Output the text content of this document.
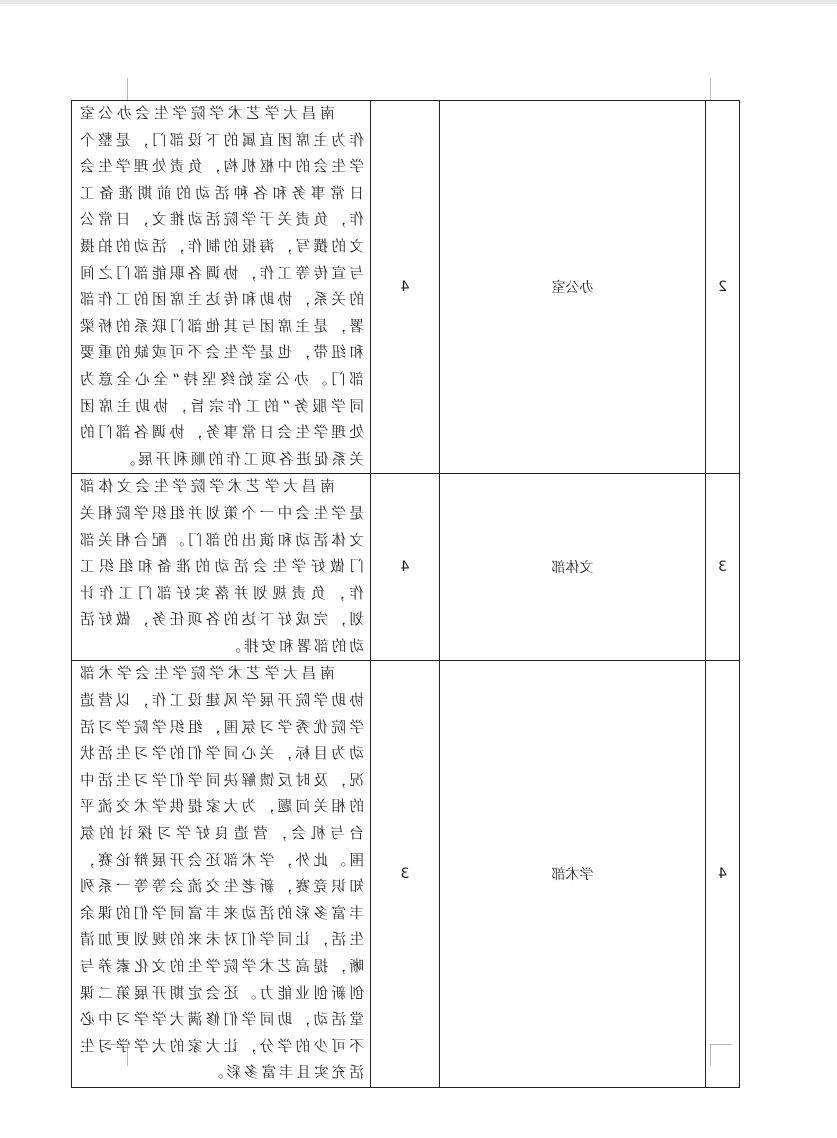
2	办公室	4	南昌大学艺术学院学生会办公室作为主席团直属的下设部门，是整个学生会的中枢机构，负责处理学生会日常事务和各种活动的前期准备工作，负责关于学院活动推文，日常公文的撰写，海报的制作，活动的拍摄与宣传等工作，协调各职能部门之间的关系，协助和传达主席团的工作部署，是主席团与其他部门联系的桥梁和纽带，也是学生会不可或缺的重要部门。办公室始终坚持“全心全意为同学服务”的工作宗旨，协助主席团处理学生会日常事务，协调各部门的关系促进各项工作的顺利开展。

3	文体部	4	南昌大学艺术学院学生会文体部是学生会中一个策划并组织学院相关文体活动和演出的部门。配合相关部门做好学生会活动的准备和组织工作，负责规划并落实好部门工作计划，完成好下达的各项任务，做好活动的部署和安排。

4	学术部	3	南昌大学艺术学院学生会学术部协助学院开展学风建设工作，以营造学院优秀学习氛围，组织学院学习活动为目标，关心同学们的学习生活状况，及时反馈解决同学们学习生活中的相关问题，为大家提供学术交流平台与机会，营造良好学习探讨的氛围。此外，学术部还会开展辩论赛，知识竞赛，新老生交流会等等一系列丰富多彩的活动来丰富同学们的课余生活，让同学们对未来的规划更加清晰，提高艺术学院学生的文化素养与创新创业能力。还会定期开展第二课堂活动，助同学们修满大学学习中必不可少的学分，让大家的大学学习生活充实且丰富多彩。
